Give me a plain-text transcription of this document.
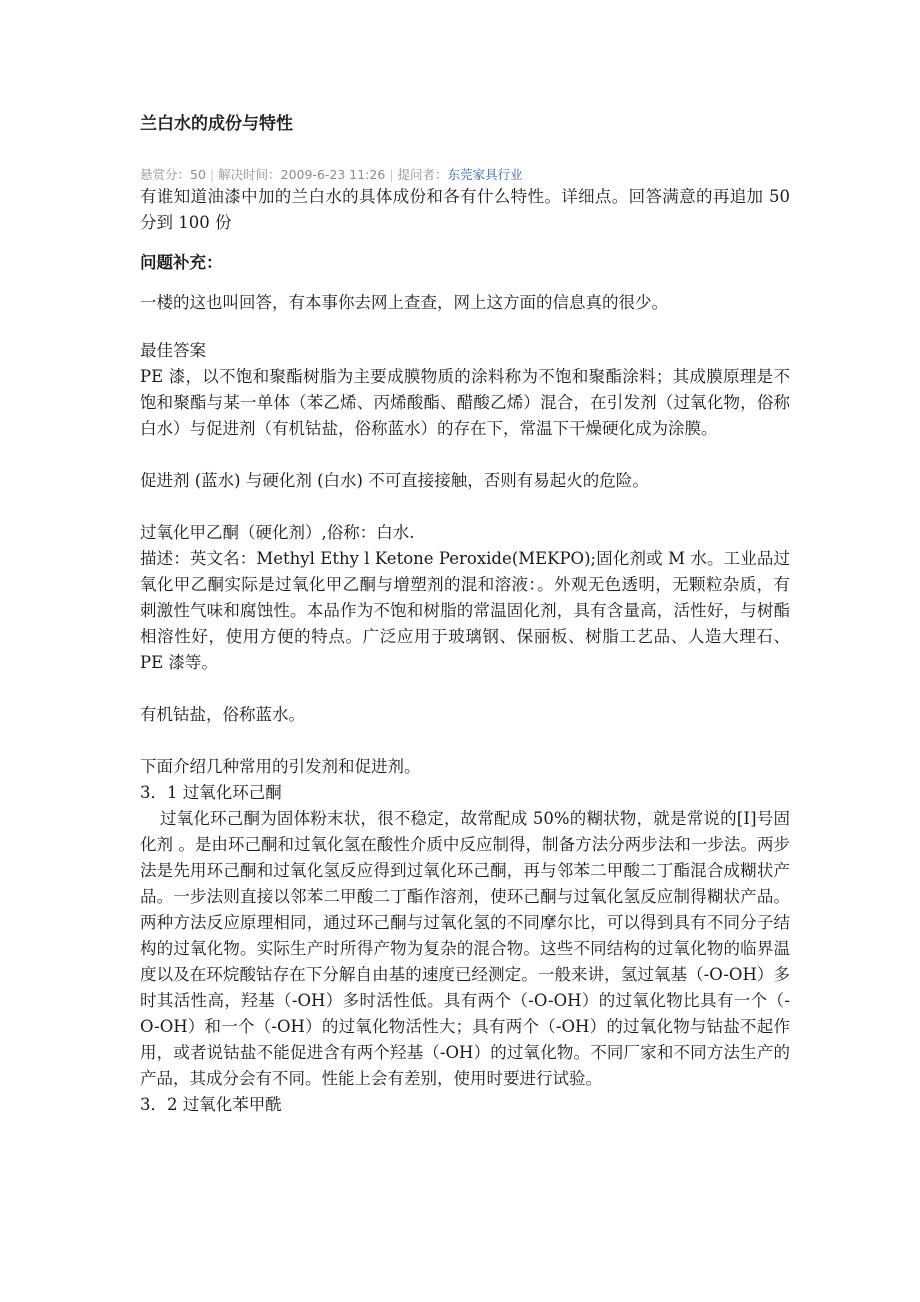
兰白水的成份与特性

悬赏分：50 | 解决时间：2009-6-23 11:26 | 提问者：东莞家具行业

有谁知道油漆中加的兰白水的具体成份和各有什么特性。详细点。回答满意的再追加 50 分到 100 份

问题补充：

一楼的这也叫回答，有本事你去网上查查，网上这方面的信息真的很少。

最佳答案

PE 漆，以不饱和聚酯树脂为主要成膜物质的涂料称为不饱和聚酯涂料；其成膜原理是不饱和聚酯与某一单体（苯乙烯、丙烯酸酯、醋酸乙烯）混合，在引发剂（过氧化物，俗称白水）与促进剂（有机钴盐，俗称蓝水）的存在下，常温下干燥硬化成为涂膜。

促进剂 (蓝水) 与硬化剂 (白水) 不可直接接触，否则有易起火的危险。

过氧化甲乙酮（硬化剂）,俗称：白水.

描述：英文名：Methyl Ethy l Ketone Peroxide(MEKPO);固化剂或 M 水。工业品过氧化甲乙酮实际是过氧化甲乙酮与增塑剂的混和溶液：。外观无色透明，无颗粒杂质，有刺激性气味和腐蚀性。本品作为不饱和树脂的常温固化剂，具有含量高，活性好，与树酯相溶性好，使用方便的特点。广泛应用于玻璃钢、保丽板、树脂工艺品、人造大理石、PE 漆等。

有机钴盐，俗称蓝水。

下面介绍几种常用的引发剂和促进剂。

3．1 过氧化环己酮

过氧化环己酮为固体粉末状，很不稳定，故常配成 50%的糊状物，就是常说的[Ⅰ]号固化剂 。是由环己酮和过氧化氢在酸性介质中反应制得，制备方法分两步法和一步法。两步法是先用环己酮和过氧化氢反应得到过氧化环己酮，再与邻苯二甲酸二丁酯混合成糊状产品。一步法则直接以邻苯二甲酸二丁酯作溶剂，使环己酮与过氧化氢反应制得糊状产品。两种方法反应原理相同，通过环己酮与过氧化氢的不同摩尔比，可以得到具有不同分子结构的过氧化物。实际生产时所得产物为复杂的混合物。这些不同结构的过氧化物的临界温度以及在环烷酸钴存在下分解自由基的速度已经测定。一般来讲，氢过氧基（-O-OH）多时其活性高，羟基（-OH）多时活性低。具有两个（-O-OH）的过氧化物比具有一个（-O-OH）和一个（-OH）的过氧化物活性大；具有两个（-OH）的过氧化物与钴盐不起作用，或者说钴盐不能促进含有两个羟基（-OH）的过氧化物。不同厂家和不同方法生产的产品，其成分会有不同。性能上会有差别，使用时要进行试验。

3．2 过氧化苯甲酰
